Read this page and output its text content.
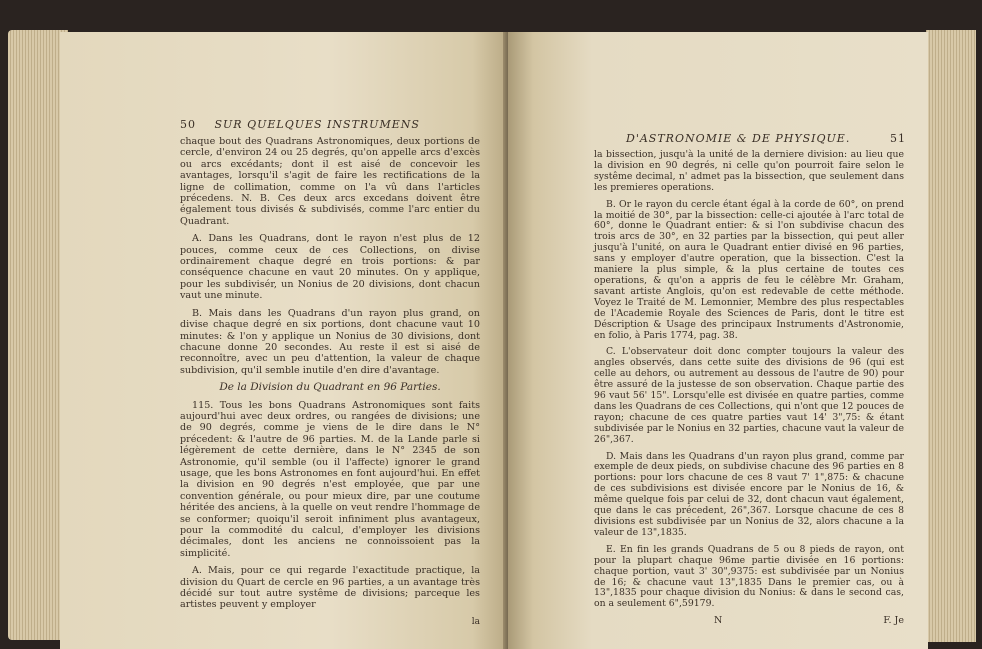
50 SUR QUELQUES INSTRUMENS

chaque bout des Quadrans Astronomiques, deux portions de cercle, d'environ 24 ou 25 degrés, qu'on appelle arcs d'excès ou arcs excédants; dont il est aisé de concevoir les avantages, lorsqu'il s'agit de faire les rectifications de la ligne de collimation, comme on l'a vû dans l'articles précedens. N. B. Ces deux arcs excedans doivent être également tous divisés & subdivisés, comme l'arc entier du Quadrant.

A. Dans les Quadrans, dont le rayon n'est plus de 12 pouces, comme ceux de ces Collections, on divise ordinairement chaque degré en trois portions: & par conséquence chacune en vaut 20 minutes. On y applique, pour les subdivisér, un Nonius de 20 divisions, dont chacun vaut une minute.

B. Mais dans les Quadrans d'un rayon plus grand, on divise chaque degré en six portions, dont chacune vaut 10 minutes: & l'on y applique un Nonius de 30 divisions, dont chacune donne 20 secondes. Au reste il est si aisé de reconnoître, avec un peu d'attention, la valeur de chaque subdivision, qu'il semble inutile d'en dire d'avantage.

De la Division du Quadrant en 96 Parties.

115. Tous les bons Quadrans Astronomiques sont faits aujourd'hui avec deux ordres, ou rangées de divisions; une de 90 degrés, comme je viens de le dire dans le N° précedent: & l'autre de 96 parties. M. de la Lande parle si légèrement de cette dernière, dans le N° 2345 de son Astronomie, qu'il semble (ou il l'affecte) ignorer le grand usage, que les bons Astronomes en font aujourd'hui. En effet la division en 90 degrés n'est employée, que par une convention générale, ou pour mieux dire, par une coutume héritée des anciens, à la quelle on veut rendre l'hommage de se conformer; quoiqu'il seroit infiniment plus avantageux, pour la commodité du calcul, d'employer les divisions décimales, dont les anciens ne connoissoient pas la simplicité.

A. Mais, pour ce qui regarde l'exactitude practique, la division du Quart de cercle en 96 parties, a un avantage très décidé sur tout autre systême de divisions; parceque les artistes peuvent y employer

la
D'ASTRONOMIE & DE PHYSIQUE.	51

la bissection, jusqu'à la unité de la derniere division: au lieu que la division en 90 degrés, ni celle qu'on pourroit faire selon le systême decimal, n' admet pas la bissection, que seulement dans les premieres operations.

B. Or le rayon du cercle étant égal à la corde de 60°, on prend la moitié de 30°, par la bissection: celle-ci ajoutée à l'arc total de 60°, donne le Quadrant entier: & si l'on subdivise chacun des trois arcs de 30°, en 32 parties par la bissection, qui peut aller jusqu'à l'unité, on aura le Quadrant entier divisé en 96 parties, sans y employer d'autre operation, que la bissection. C'est la maniere la plus simple, & la plus certaine de toutes ces operations, & qu'on a appris de feu le célèbre Mr. Graham, savant artiste Anglois, qu'on est redevable de cette méthode. Voyez le Traité de M. Lemonnier, Membre des plus respectables de l'Academie Royale des Sciences de Paris, dont le titre est Déscription & Usage des principaux Instruments d'Astronomie, en folio, à Paris 1774, pag. 38.

C. L'observateur doit donc compter toujours la valeur des angles observés, dans cette suite des divisions de 96 (qui est celle au dehors, ou autrement au dessous de l'autre de 90) pour être assuré de la justesse de son observation. Chaque partie des 96 vaut 56' 15". Lorsqu'elle est divisée en quatre parties, comme dans les Quadrans de ces Collections, qui n'ont que 12 pouces de rayon; chacune de ces quatre parties vaut 14' 3",75: & étant subdivisée par le Nonius en 32 parties, chacune vaut la valeur de 26",367.

D. Mais dans les Quadrans d'un rayon plus grand, comme par exemple de deux pieds, on subdivise chacune des 96 parties en 8 portions: pour lors chacune de ces 8 vaut 7' 1",875: & chacune de ces subdivisions est divisée encore par le Nonius de 16, & même quelque fois par celui de 32, dont chacun vaut également, que dans le cas précedent, 26",367. Lorsque chacune de ces 8 divisions est subdivisée par un Nonius de 32, alors chacune a la valeur de 13",1835.

E. En fin les grands Quadrans de 5 ou 8 pieds de rayon, ont pour la plupart chaque 96me partie divisée en 16 portions: chaque portion, vaut 3' 30",9375: est subdivisée par un Nonius de 16; & chacune vaut 13",1835 Dans le premier cas, ou à 13",1835 pour chaque division du Nonius: & dans le second cas, on a seulement 6",59179.

N	F. Je
